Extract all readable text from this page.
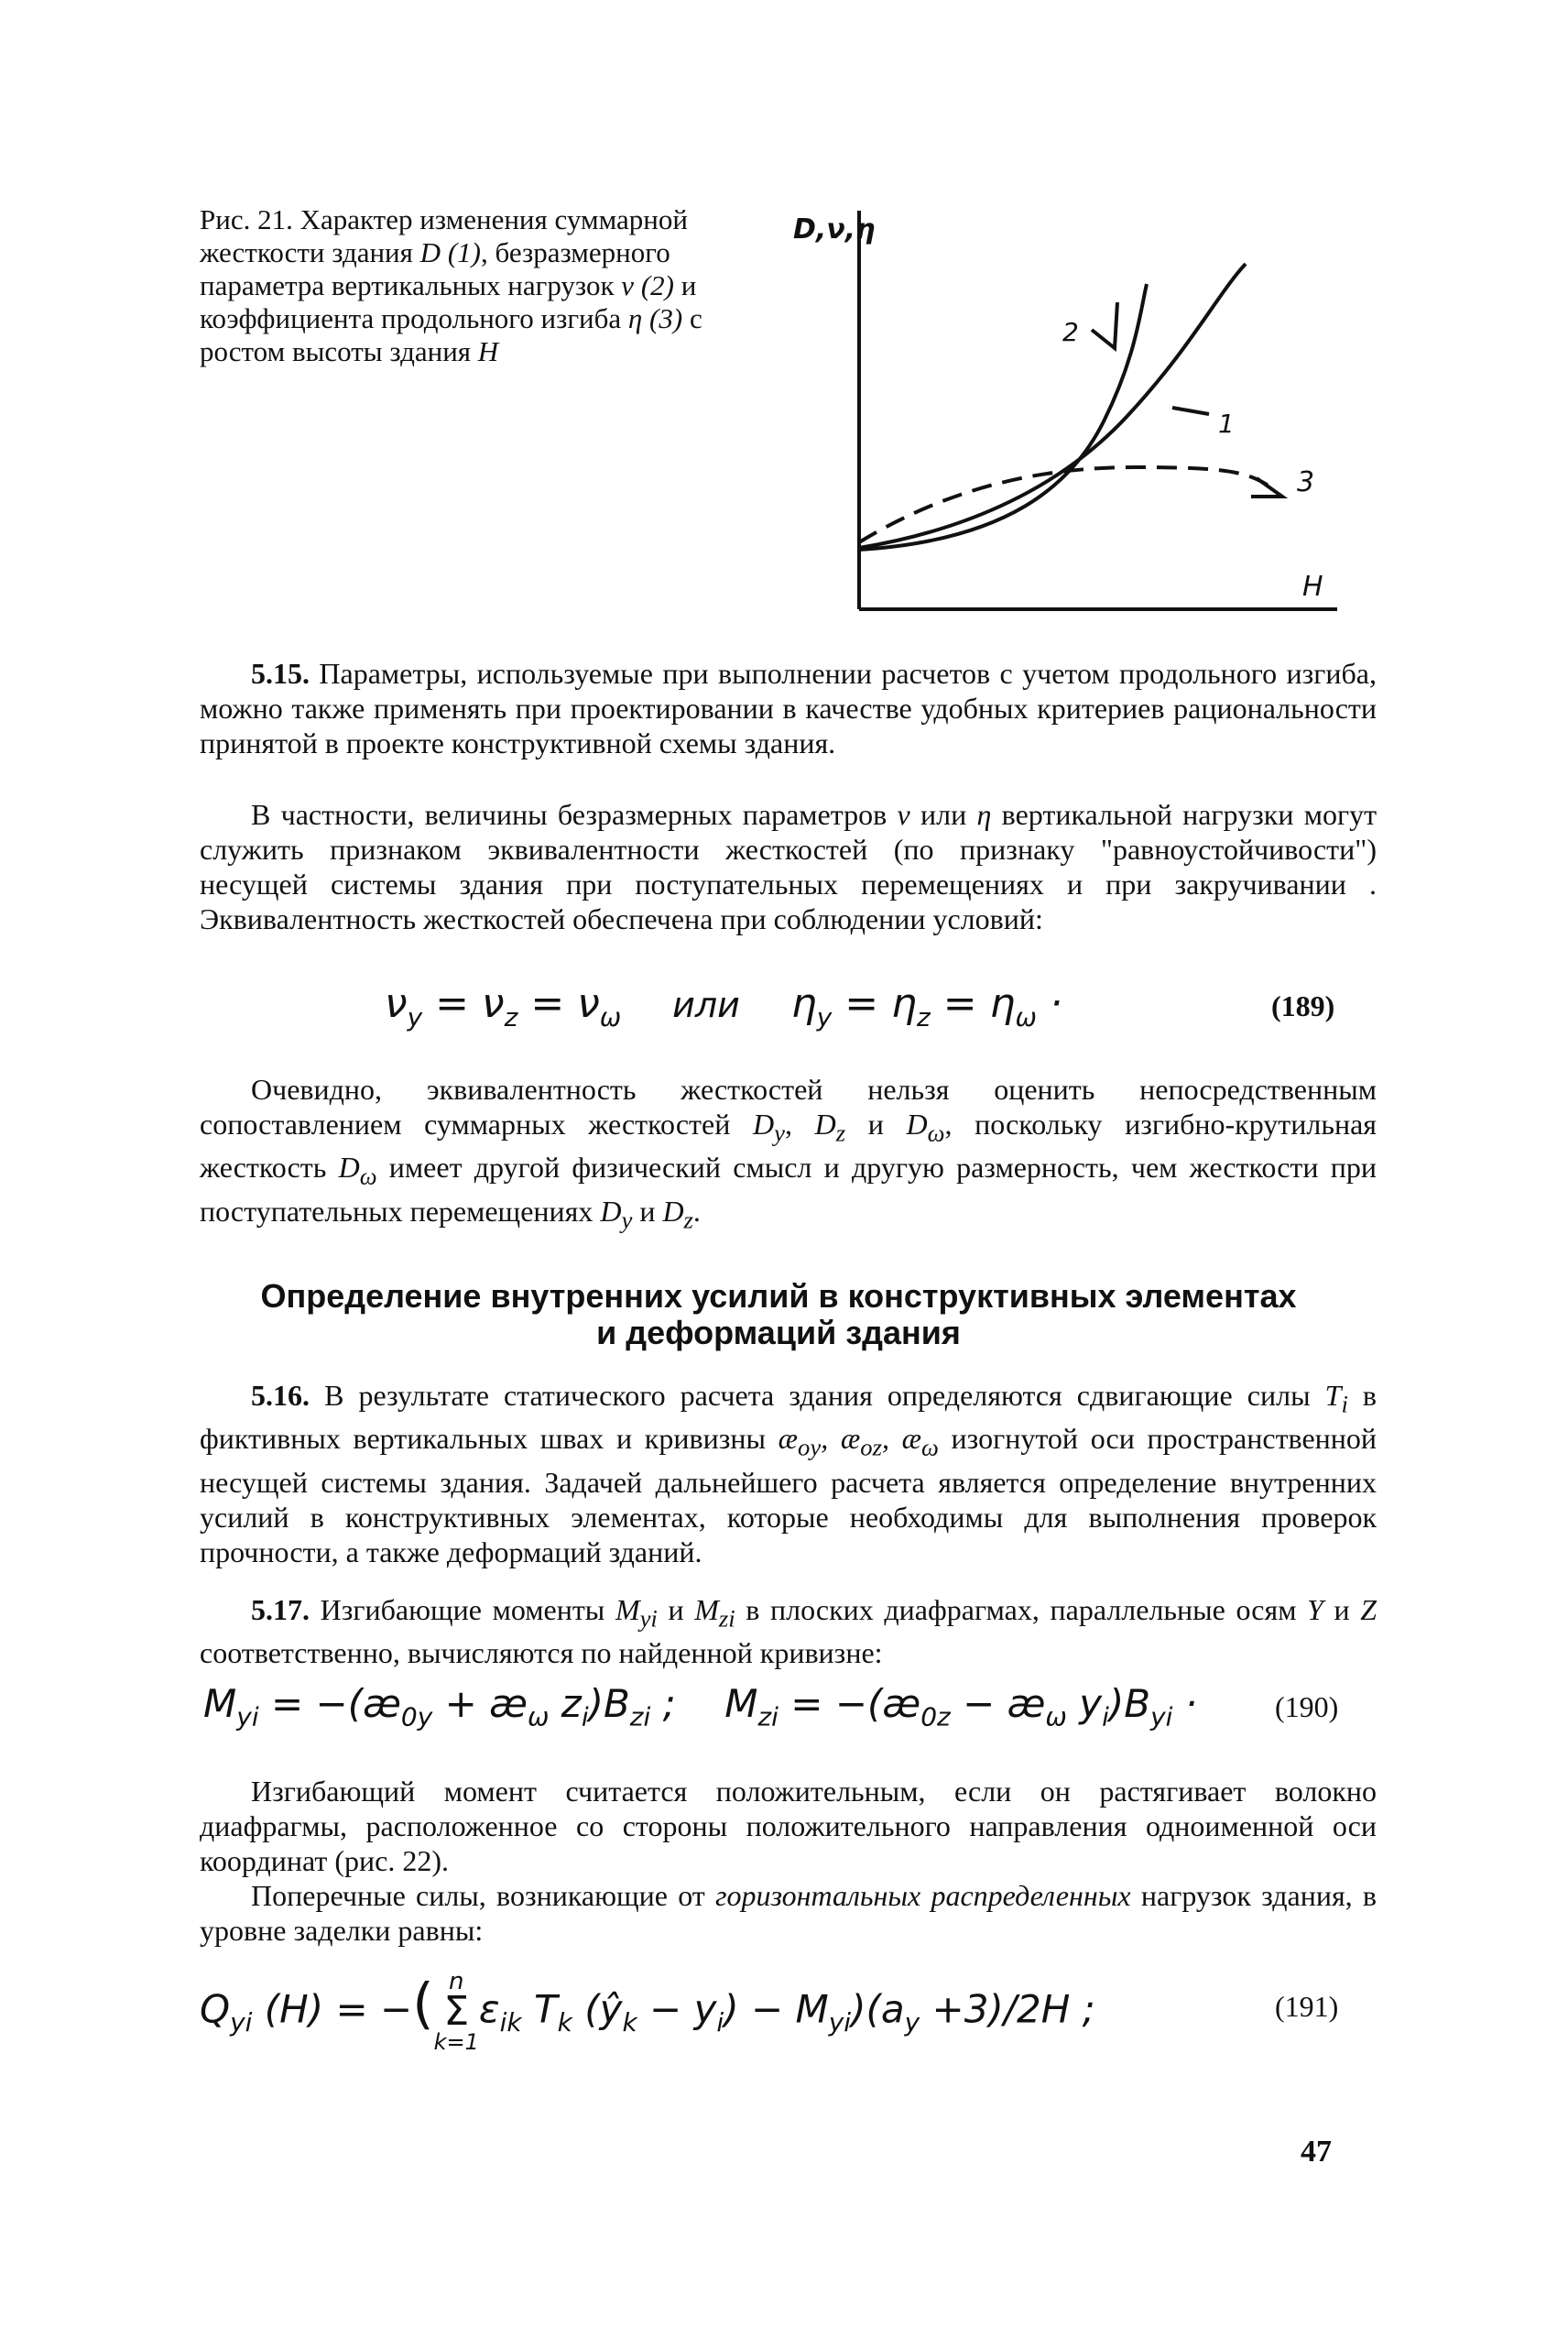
Рис. 21. Характер изменения суммарной жесткости здания D (1), безразмерного параметра вертикальных нагрузок ν (2) и коэффициента продольного изгиба η (3) с ростом высоты здания H

D,ν,η
H
1
2
3
5.15. Параметры, используемые при выполнении расчетов с учетом продольного изгиба, можно также применять при проектировании в качестве удобных критериев рациональности принятой в проекте конструктивной схемы здания.
В частности, величины безразмерных параметров ν или η вертикальной нагрузки могут служить признаком эквивалентности жесткостей (по признаку "равноустойчивости") несущей системы здания при поступательных перемещениях и при закручивании . Эквивалентность жесткостей обеспечена при соблюдении условий:
$\nu_y = \nu_z = \nu_\omega$ или $\eta_y = \eta_z = \eta_\omega$ ·	(189)
Очевидно, эквивалентность жесткостей нельзя оценить непосредственным сопоставлением суммарных жесткостей $D_y$, $D_z$ и $D_\omega$, поскольку изгибно-крутильная жесткость $D_\omega$ имеет другой физический смысл и другую размерность, чем жесткости при поступательных перемещениях $D_y$ и $D_z$.
Определение внутренних усилий в конструктивных элементах
и деформаций здания
5.16. В результате статического расчета здания определяются сдвигающие силы $T_i$ в фиктивных вертикальных швах и кривизны $æ_{oy}$, $æ_{oz}$, $æ_\omega$ изогнутой оси пространственной несущей системы здания. Задачей дальнейшего расчета является определение внутренних усилий в конструктивных элементах, которые необходимы для выполнения проверок прочности, а также деформаций зданий.
5.17. Изгибающие моменты $M_{yi}$ и $M_{zi}$ в плоских диафрагмах, параллельные осям Y и Z соответственно, вычисляются по найденной кривизне:
$M_{yi}$ = $-(æ_{0y}$ + $æ_\omega$ $z_i)B_{zi}$ ; $M_{zi}$ = $-(æ_{0z}$ − $æ_\omega$ $y_i)B_{yi}$ ·	(190)
Изгибающий момент считается положительным, если он растягивает волокно диафрагмы, расположенное со стороны положительного направления одноименной оси координат (рис. 22).
Поперечные силы, возникающие от горизонтальных распределенных нагрузок здания, в уровне заделки равны:
$Q_{yi}$ (H) = −( n
Σ
k=1
$\varepsilon_{ik}$ $T_k$ $(ŷ_k - y_i) - M_{yi})(a_y +3)/2H$ ;	(191)
47
